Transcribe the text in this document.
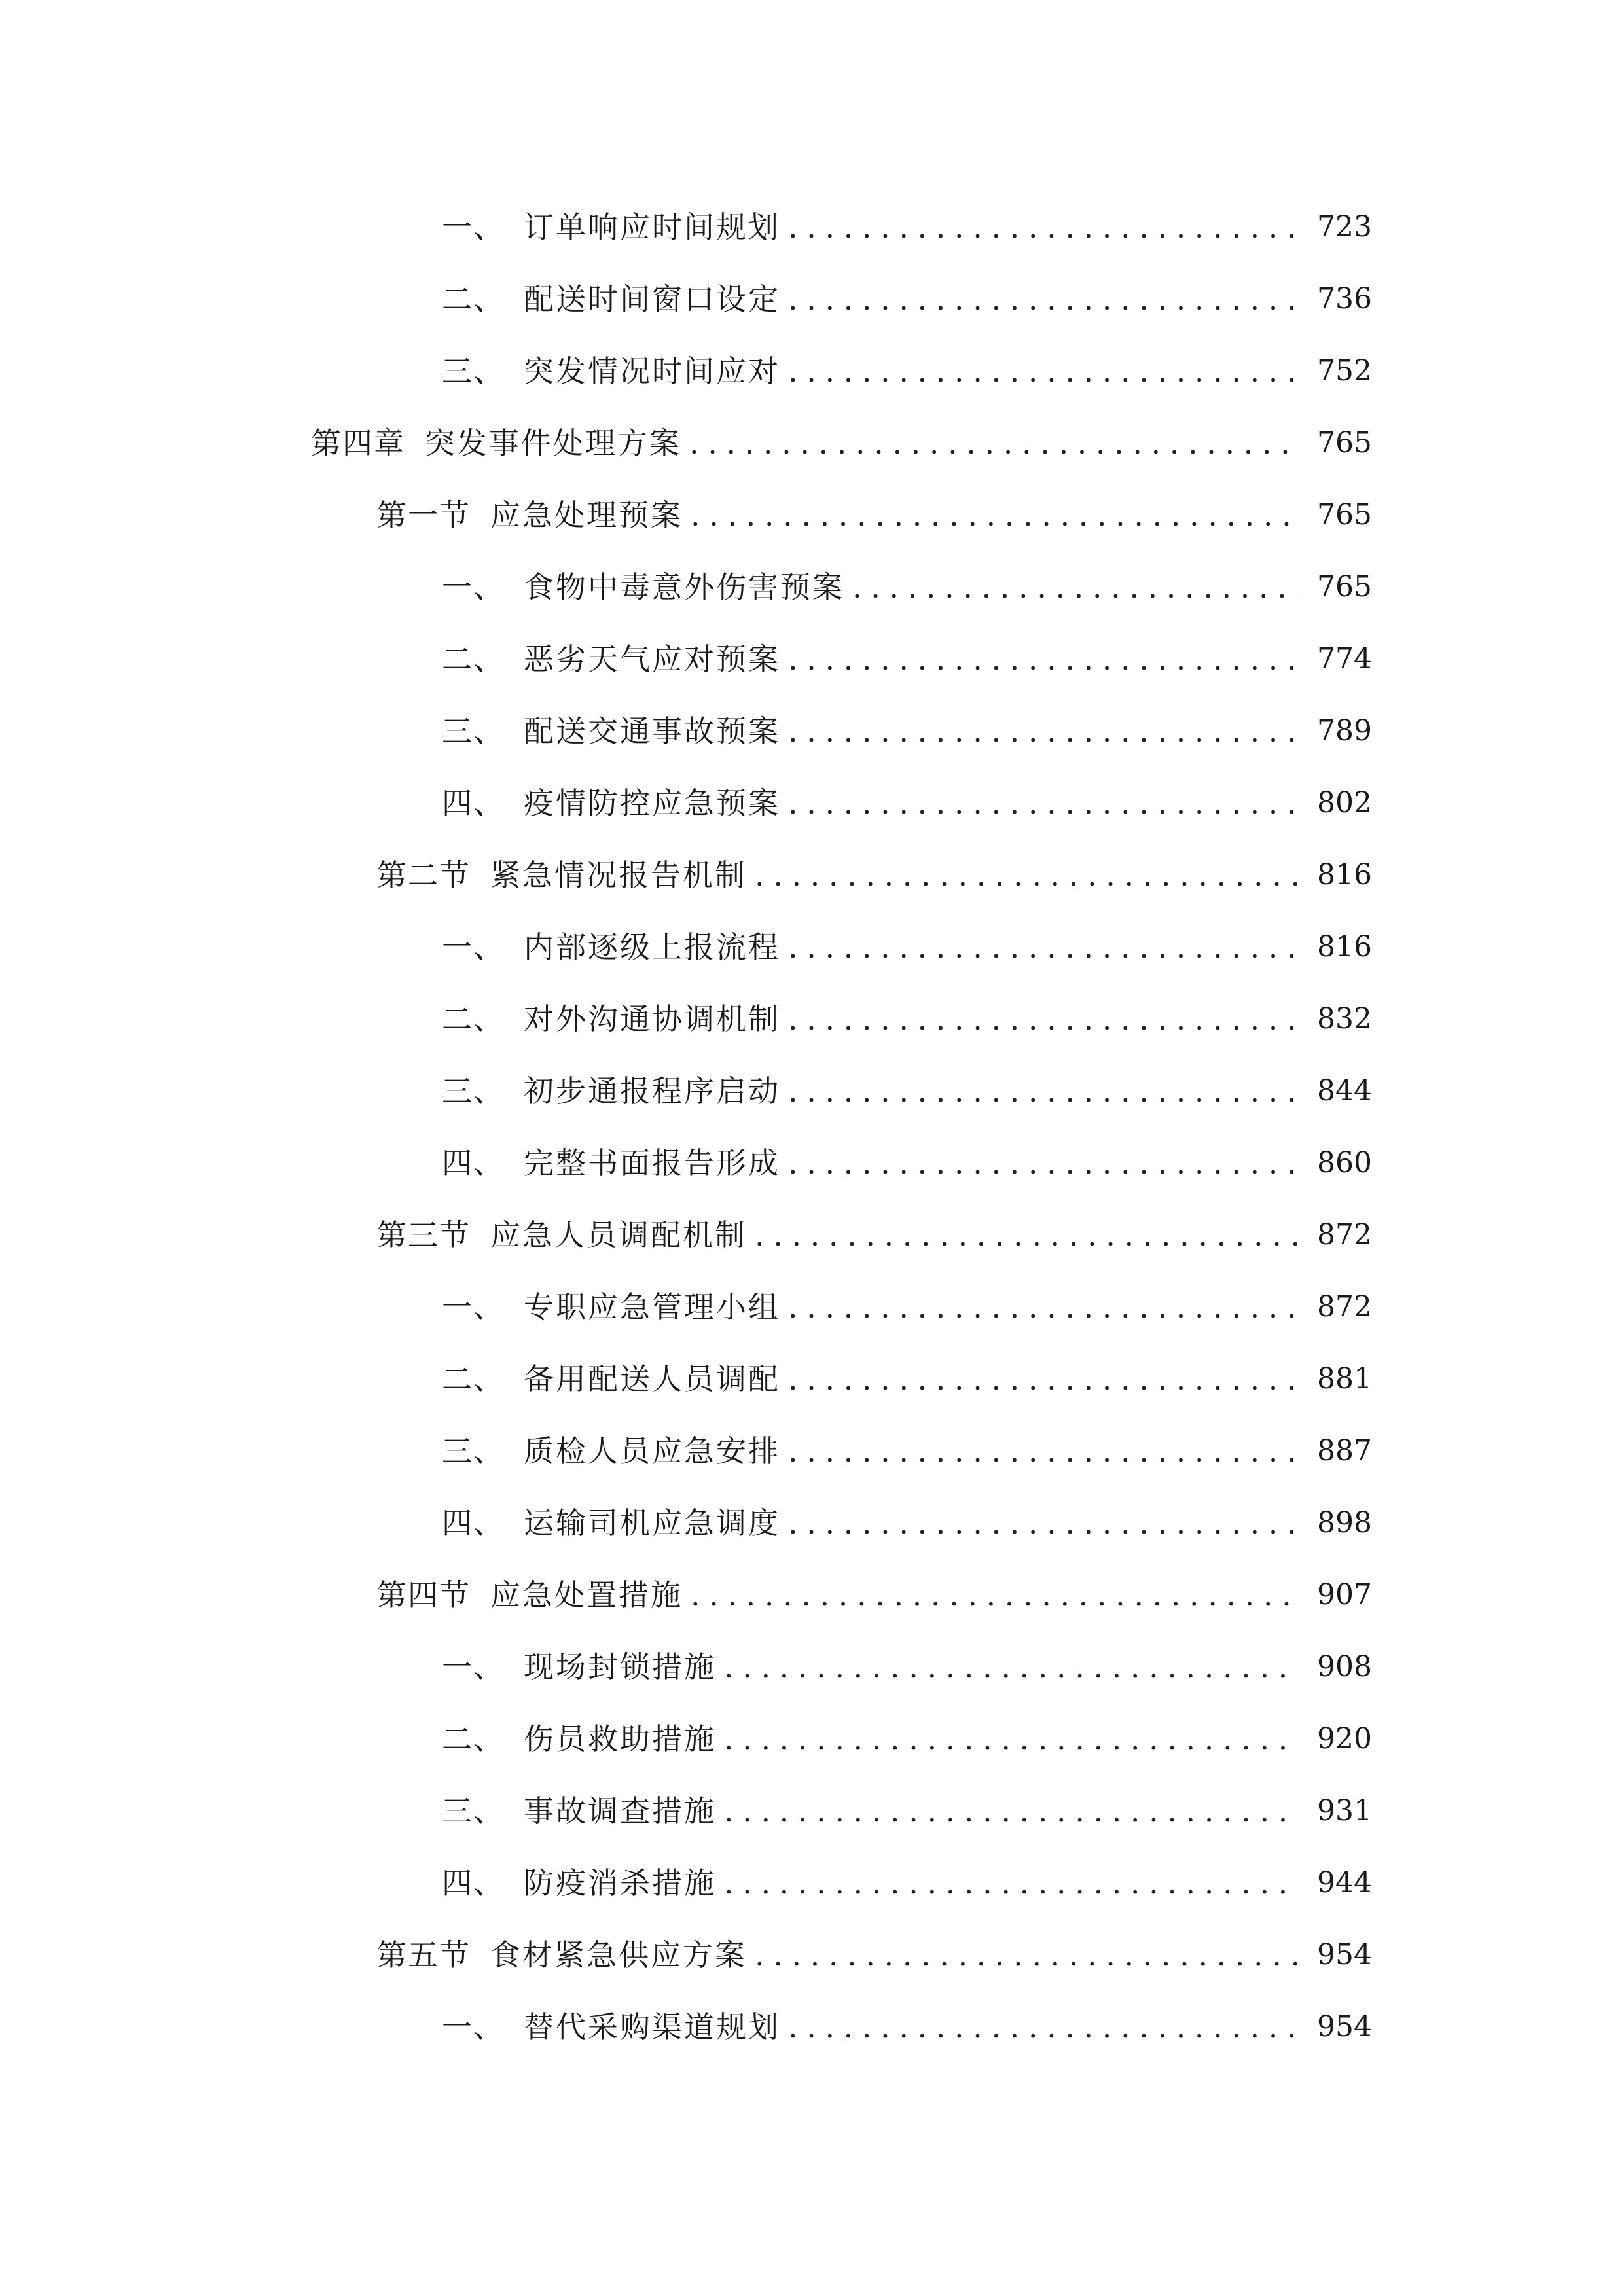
一、 订单响应时间规划 .....	723
二、 配送时间窗口设定 .....	736
三、 突发情况时间应对 .....	752
第四章 突发事件处理方案 .....	765
第一节 应急处理预案 .....	765
一、 食物中毒意外伤害预案 .....	765
二、 恶劣天气应对预案 .....	774
三、 配送交通事故预案 .....	789
四、 疫情防控应急预案 .....	802
第二节 紧急情况报告机制 .....	816
一、 内部逐级上报流程 .....	816
二、 对外沟通协调机制 .....	832
三、 初步通报程序启动 .....	844
四、 完整书面报告形成 .....	860
第三节 应急人员调配机制 .....	872
一、 专职应急管理小组 .....	872
二、 备用配送人员调配 .....	881
三、 质检人员应急安排 .....	887
四、 运输司机应急调度 .....	898
第四节 应急处置措施 .....	907
一、 现场封锁措施 .....	908
二、 伤员救助措施 .....	920
三、 事故调查措施 .....	931
四、 防疫消杀措施 .....	944
第五节 食材紧急供应方案 .....	954
一、 替代采购渠道规划 .....	954
